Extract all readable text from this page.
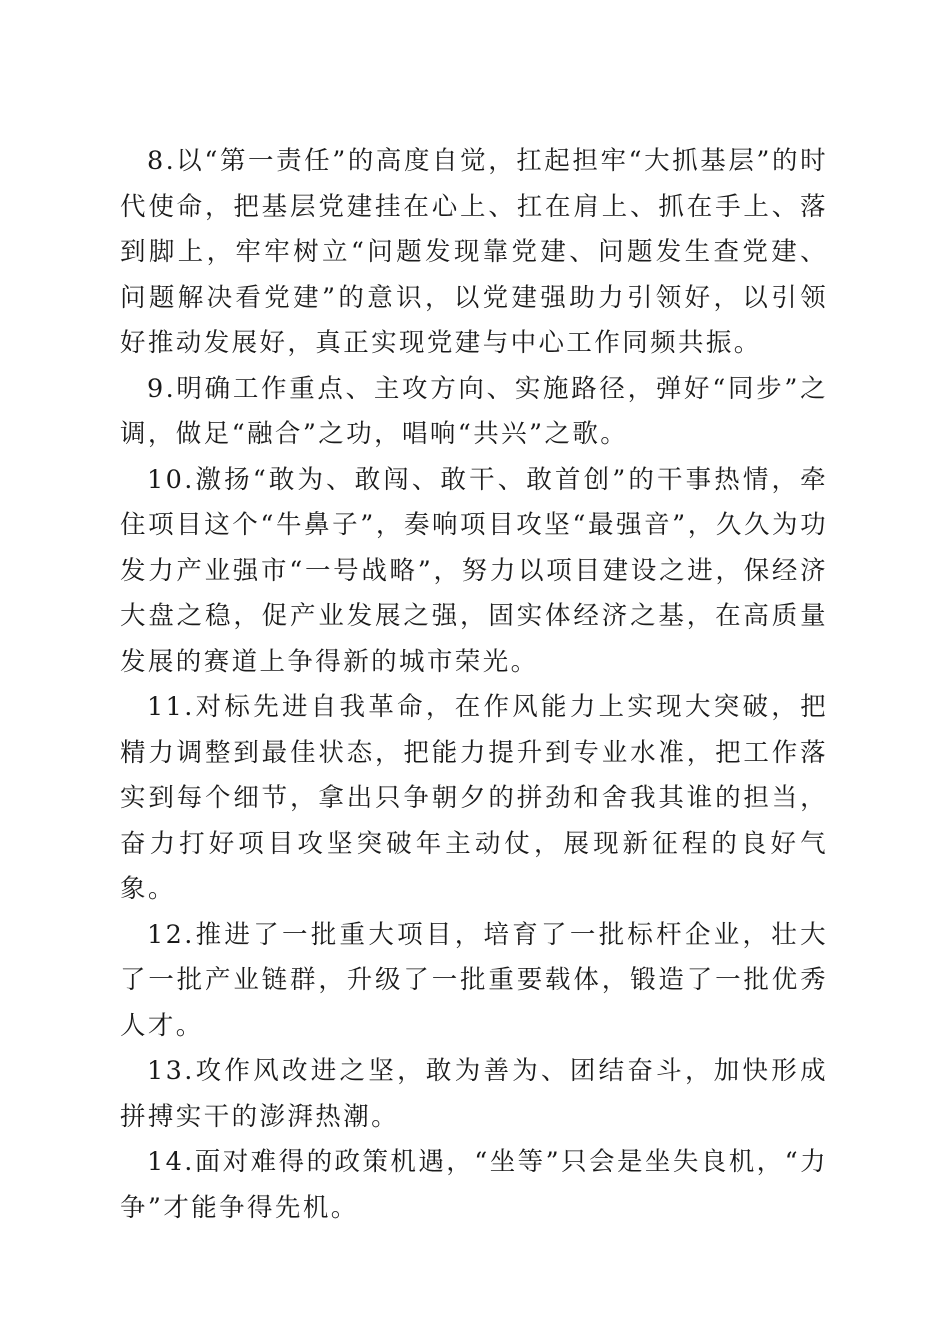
8.以“第一责任”的高度自觉，扛起担牢“大抓基层”的时代使命，把基层党建挂在心上、扛在肩上、抓在手上、落到脚上，牢牢树立“问题发现靠党建、问题发生查党建、问题解决看党建”的意识，以党建强助力引领好，以引领好推动发展好，真正实现党建与中心工作同频共振。

9.明确工作重点、主攻方向、实施路径，弹好“同步”之调，做足“融合”之功，唱响“共兴”之歌。

10.激扬“敢为、敢闯、敢干、敢首创”的干事热情，牵住项目这个“牛鼻子”，奏响项目攻坚“最强音”，久久为功发力产业强市“一号战略”，努力以项目建设之进，保经济大盘之稳，促产业发展之强，固实体经济之基，在高质量发展的赛道上争得新的城市荣光。

11.对标先进自我革命，在作风能力上实现大突破，把精力调整到最佳状态，把能力提升到专业水准，把工作落实到每个细节，拿出只争朝夕的拼劲和舍我其谁的担当，奋力打好项目攻坚突破年主动仗，展现新征程的良好气象。

12.推进了一批重大项目，培育了一批标杆企业，壮大了一批产业链群，升级了一批重要载体，锻造了一批优秀人才。

13.攻作风改进之坚，敢为善为、团结奋斗，加快形成拼搏实干的澎湃热潮。

14.面对难得的政策机遇，“坐等”只会是坐失良机，“力争”才能争得先机。
